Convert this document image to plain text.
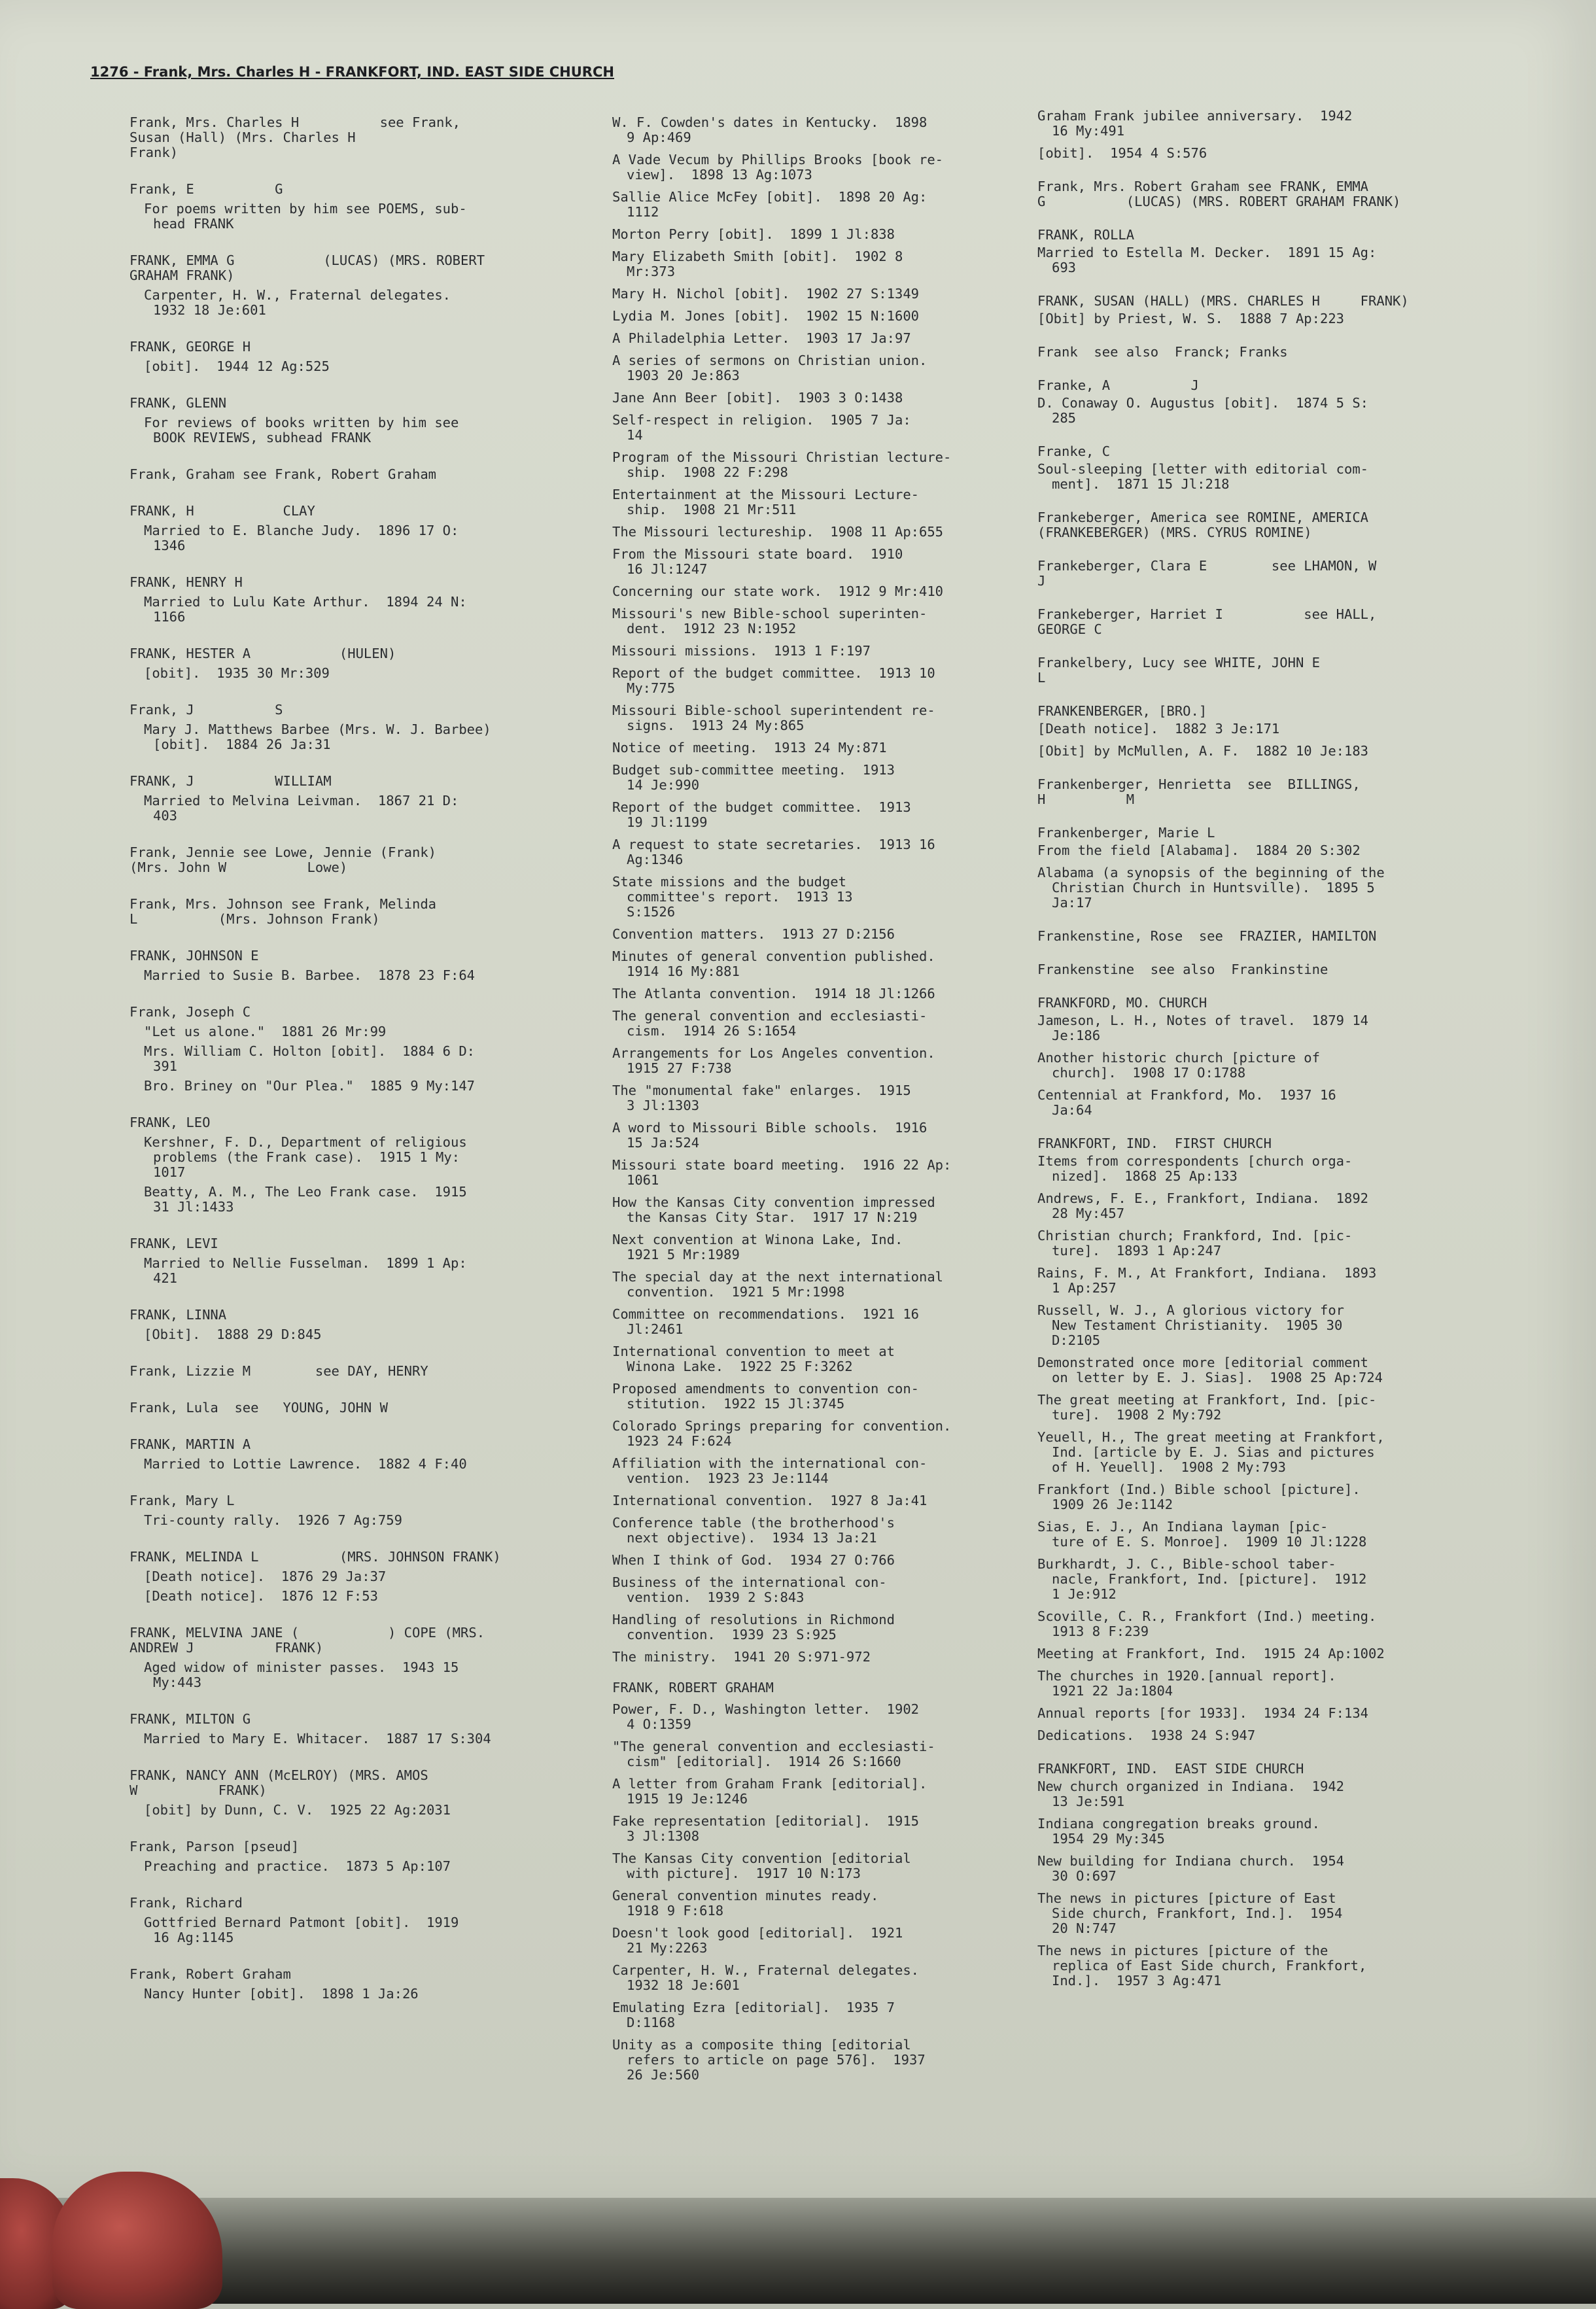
1276 - Frank, Mrs. Charles H - FRANKFORT, IND. EAST SIDE CHURCH
Frank, Mrs. Charles H          see Frank,
Susan (Hall) (Mrs. Charles H
Frank)
Frank, E          G
For poems written by him see POEMS, sub-
head FRANK
FRANK, EMMA G           (LUCAS) (MRS. ROBERT
GRAHAM FRANK)
Carpenter, H. W., Fraternal delegates.
1932 18 Je:601
FRANK, GEORGE H
[obit].  1944 12 Ag:525
FRANK, GLENN
For reviews of books written by him see
BOOK REVIEWS, subhead FRANK
Frank, Graham see Frank, Robert Graham
FRANK, H           CLAY
Married to E. Blanche Judy.  1896 17 O:
1346
FRANK, HENRY H
Married to Lulu Kate Arthur.  1894 24 N:
1166
FRANK, HESTER A           (HULEN)
[obit].  1935 30 Mr:309
Frank, J          S
Mary J. Matthews Barbee (Mrs. W. J. Barbee)
[obit].  1884 26 Ja:31
FRANK, J          WILLIAM
Married to Melvina Leivman.  1867 21 D:
403
Frank, Jennie see Lowe, Jennie (Frank)
(Mrs. John W          Lowe)
Frank, Mrs. Johnson see Frank, Melinda
L          (Mrs. Johnson Frank)
FRANK, JOHNSON E
Married to Susie B. Barbee.  1878 23 F:64
Frank, Joseph C
"Let us alone."  1881 26 Mr:99
Mrs. William C. Holton [obit].  1884 6 D:
391
Bro. Briney on "Our Plea."  1885 9 My:147
FRANK, LEO
Kershner, F. D., Department of religious
problems (the Frank case).  1915 1 My:
1017
Beatty, A. M., The Leo Frank case.  1915
31 Jl:1433
FRANK, LEVI
Married to Nellie Fusselman.  1899 1 Ap:
421
FRANK, LINNA
[Obit].  1888 29 D:845
Frank, Lizzie M        see DAY, HENRY
Frank, Lula  see   YOUNG, JOHN W
FRANK, MARTIN A
Married to Lottie Lawrence.  1882 4 F:40
Frank, Mary L
Tri-county rally.  1926 7 Ag:759
FRANK, MELINDA L          (MRS. JOHNSON FRANK)
[Death notice].  1876 29 Ja:37
[Death notice].  1876 12 F:53
FRANK, MELVINA JANE (           ) COPE (MRS.
ANDREW J          FRANK)
Aged widow of minister passes.  1943 15
My:443
FRANK, MILTON G
Married to Mary E. Whitacer.  1887 17 S:304
FRANK, NANCY ANN (McELROY) (MRS. AMOS
W          FRANK)
[obit] by Dunn, C. V.  1925 22 Ag:2031
Frank, Parson [pseud]
Preaching and practice.  1873 5 Ap:107
Frank, Richard
Gottfried Bernard Patmont [obit].  1919
16 Ag:1145
Frank, Robert Graham
Nancy Hunter [obit].  1898 1 Ja:26
W. F. Cowden's dates in Kentucky.  1898
9 Ap:469
A Vade Vecum by Phillips Brooks [book re-
view].  1898 13 Ag:1073
Sallie Alice McFey [obit].  1898 20 Ag:
1112
Morton Perry [obit].  1899 1 Jl:838
Mary Elizabeth Smith [obit].  1902 8
Mr:373
Mary H. Nichol [obit].  1902 27 S:1349
Lydia M. Jones [obit].  1902 15 N:1600
A Philadelphia Letter.  1903 17 Ja:97
A series of sermons on Christian union.
1903 20 Je:863
Jane Ann Beer [obit].  1903 3 O:1438
Self-respect in religion.  1905 7 Ja:
14
Program of the Missouri Christian lecture-
ship.  1908 22 F:298
Entertainment at the Missouri Lecture-
ship.  1908 21 Mr:511
The Missouri lectureship.  1908 11 Ap:655
From the Missouri state board.  1910
16 Jl:1247
Concerning our state work.  1912 9 Mr:410
Missouri's new Bible-school superinten-
dent.  1912 23 N:1952
Missouri missions.  1913 1 F:197
Report of the budget committee.  1913 10
My:775
Missouri Bible-school superintendent re-
signs.  1913 24 My:865
Notice of meeting.  1913 24 My:871
Budget sub-committee meeting.  1913
14 Je:990
Report of the budget committee.  1913
19 Jl:1199
A request to state secretaries.  1913 16
Ag:1346
State missions and the budget
committee's report.  1913 13
S:1526
Convention matters.  1913 27 D:2156
Minutes of general convention published.
1914 16 My:881
The Atlanta convention.  1914 18 Jl:1266
The general convention and ecclesiasti-
cism.  1914 26 S:1654
Arrangements for Los Angeles convention.
1915 27 F:738
The "monumental fake" enlarges.  1915
3 Jl:1303
A word to Missouri Bible schools.  1916
15 Ja:524
Missouri state board meeting.  1916 22 Ap:
1061
How the Kansas City convention impressed
the Kansas City Star.  1917 17 N:219
Next convention at Winona Lake, Ind.
1921 5 Mr:1989
The special day at the next international
convention.  1921 5 Mr:1998
Committee on recommendations.  1921 16
Jl:2461
International convention to meet at
Winona Lake.  1922 25 F:3262
Proposed amendments to convention con-
stitution.  1922 15 Jl:3745
Colorado Springs preparing for convention.
1923 24 F:624
Affiliation with the international con-
vention.  1923 23 Je:1144
International convention.  1927 8 Ja:41
Conference table (the brotherhood's
next objective).  1934 13 Ja:21
When I think of God.  1934 27 O:766
Business of the international con-
vention.  1939 2 S:843
Handling of resolutions in Richmond
convention.  1939 23 S:925
The ministry.  1941 20 S:971-972
FRANK, ROBERT GRAHAM
Power, F. D., Washington letter.  1902
4 O:1359
"The general convention and ecclesiasti-
cism" [editorial].  1914 26 S:1660
A letter from Graham Frank [editorial].
1915 19 Je:1246
Fake representation [editorial].  1915
3 Jl:1308
The Kansas City convention [editorial
with picture].  1917 10 N:173
General convention minutes ready.
1918 9 F:618
Doesn't look good [editorial].  1921
21 My:2263
Carpenter, H. W., Fraternal delegates.
1932 18 Je:601
Emulating Ezra [editorial].  1935 7
D:1168
Unity as a composite thing [editorial
refers to article on page 576].  1937
26 Je:560
Graham Frank jubilee anniversary.  1942
16 My:491
[obit].  1954 4 S:576
Frank, Mrs. Robert Graham see FRANK, EMMA
G          (LUCAS) (MRS. ROBERT GRAHAM FRANK)
FRANK, ROLLA
Married to Estella M. Decker.  1891 15 Ag:
693
FRANK, SUSAN (HALL) (MRS. CHARLES H     FRANK)
[Obit] by Priest, W. S.  1888 7 Ap:223
Frank  see also  Franck; Franks
Franke, A          J
D. Conaway O. Augustus [obit].  1874 5 S:
285
Franke, C
Soul-sleeping [letter with editorial com-
ment].  1871 15 Jl:218
Frankeberger, America see ROMINE, AMERICA
(FRANKEBERGER) (MRS. CYRUS ROMINE)
Frankeberger, Clara E        see LHAMON, W
J
Frankeberger, Harriet I          see HALL,
GEORGE C
Frankelbery, Lucy see WHITE, JOHN E
L
FRANKENBERGER, [BRO.]
[Death notice].  1882 3 Je:171
[Obit] by McMullen, A. F.  1882 10 Je:183
Frankenberger, Henrietta  see  BILLINGS,
H          M
Frankenberger, Marie L
From the field [Alabama].  1884 20 S:302
Alabama (a synopsis of the beginning of the
Christian Church in Huntsville).  1895 5
Ja:17
Frankenstine, Rose  see  FRAZIER, HAMILTON
Frankenstine  see also  Frankinstine
FRANKFORD, MO. CHURCH
Jameson, L. H., Notes of travel.  1879 14
Je:186
Another historic church [picture of
church].  1908 17 O:1788
Centennial at Frankford, Mo.  1937 16
Ja:64
FRANKFORT, IND.  FIRST CHURCH
Items from correspondents [church orga-
nized].  1868 25 Ap:133
Andrews, F. E., Frankfort, Indiana.  1892
28 My:457
Christian church; Frankford, Ind. [pic-
ture].  1893 1 Ap:247
Rains, F. M., At Frankfort, Indiana.  1893
1 Ap:257
Russell, W. J., A glorious victory for
New Testament Christianity.  1905 30
D:2105
Demonstrated once more [editorial comment
on letter by E. J. Sias].  1908 25 Ap:724
The great meeting at Frankfort, Ind. [pic-
ture].  1908 2 My:792
Yeuell, H., The great meeting at Frankfort,
Ind. [article by E. J. Sias and pictures
of H. Yeuell].  1908 2 My:793
Frankfort (Ind.) Bible school [picture].
1909 26 Je:1142
Sias, E. J., An Indiana layman [pic-
ture of E. S. Monroe].  1909 10 Jl:1228
Burkhardt, J. C., Bible-school taber-
nacle, Frankfort, Ind. [picture].  1912
1 Je:912
Scoville, C. R., Frankfort (Ind.) meeting.
1913 8 F:239
Meeting at Frankfort, Ind.  1915 24 Ap:1002
The churches in 1920.[annual report].
1921 22 Ja:1804
Annual reports [for 1933].  1934 24 F:134
Dedications.  1938 24 S:947
FRANKFORT, IND.  EAST SIDE CHURCH
New church organized in Indiana.  1942
13 Je:591
Indiana congregation breaks ground.
1954 29 My:345
New building for Indiana church.  1954
30 O:697
The news in pictures [picture of East
Side church, Frankfort, Ind.].  1954
20 N:747
The news in pictures [picture of the
replica of East Side church, Frankfort,
Ind.].  1957 3 Ag:471
